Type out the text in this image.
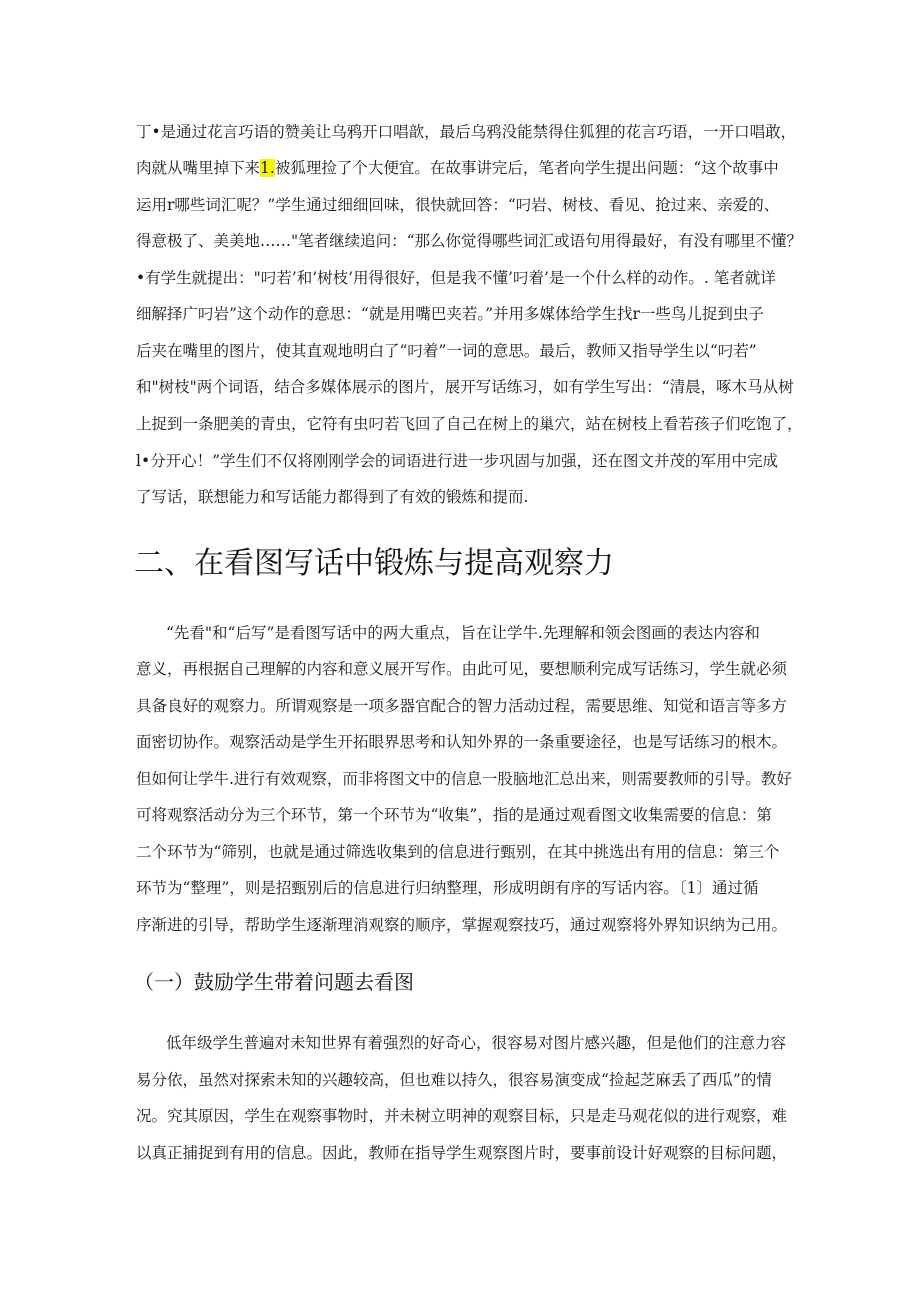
丁•是通过花言巧语的赞美让乌鸦开口唱歆，最后乌鸦没能禁得住狐狸的花言巧语，一开口唱敢，
肉就从嘴里掉下来1.被狐理捡了个大便宜。在故事讲完后，笔者向学生提出问题：“这个故事中
运用r哪些词汇呢？”学生通过细细回味，很快就回答：“叼岩、树枝、看见、抢过来、亲爱的、
得意极了、美美地……"笔者继续追问：“那么你觉得哪些词汇或语句用得最好，有没有哪里不懂？
•有学生就提出："叼若’和’树枝’用得很好，但是我不懂’叼着’是一个什么样的动作。. 笔者就详
细解择广叼岩”这个动作的意思：“就是用嘴巴夹若。”并用多媒体给学生找r一些鸟儿捉到虫子
后夹在嘴里的图片，使其直观地明白了“叼着”一词的意思。最后，教师又指导学生以“叼若”
和"树枝"两个词语，结合多媒体展示的图片，展开写话练习，如有学生写出：“清晨，啄木马从树
上捉到一条肥美的青虫，它符有虫叼若飞回了自己在树上的巢穴，站在树枝上看若孩子们吃饱了，
l•分开心！”学生们不仅将刚刚学会的词语进行进一步巩固与加强，还在图文并茂的军用中完成
了写话，联想能力和写话能力都得到了有效的锻炼和提而.
二、在看图写话中锻炼与提高观察力
“先看"和“后写”是看图写话中的两大重点，旨在让学牛.先理解和领会图画的表达内容和
意义，再根据自己理解的内容和意义展开写作。由此可见，要想顺利完成写话练习，学生就必须
具备良好的观察力。所谓观察是一项多器官配合的智力活动过程，需要思维、知觉和语言等多方
面密切协作。观察活动是学生开拓眼界思考和认知外界的一条重要途径，也是写话练习的根木。
但如何让学牛.进行有效观察，而非将图文中的信息一股脑地汇总出来，则需要教师的引导。教好
可将观察活动分为三个环节，第一个环节为“收集”，指的是通过观看图文收集需要的信息：第
二个环节为“筛别，也就是通过筛选收集到的信息进行甄别，在其中挑选出有用的信息：第三个
环节为“整理”，则是招甄别后的信息进行归纳整理，形成明朗有序的写话内容。〔1〕通过循
序渐进的引导，帮助学生逐渐理消观察的顺序，掌握观察技巧，通过观察将外界知识纳为己用。
（一）鼓励学生带着问题去看图
低年级学生普遍对未知世界有着强烈的好奇心，很容易对图片感兴趣，但是他们的注意力容
易分依，虽然对探索未知的兴趣较高，但也难以持久，很容易演变成“捡起芝麻丢了西瓜”的情
况。究其原因，学生在观察事物时，并未树立明神的观察目标，只是走马观花似的进行观察，难
以真正捕捉到有用的信息。因此，教师在指导学生观察图片时，要事前设计好观察的目标问题，
